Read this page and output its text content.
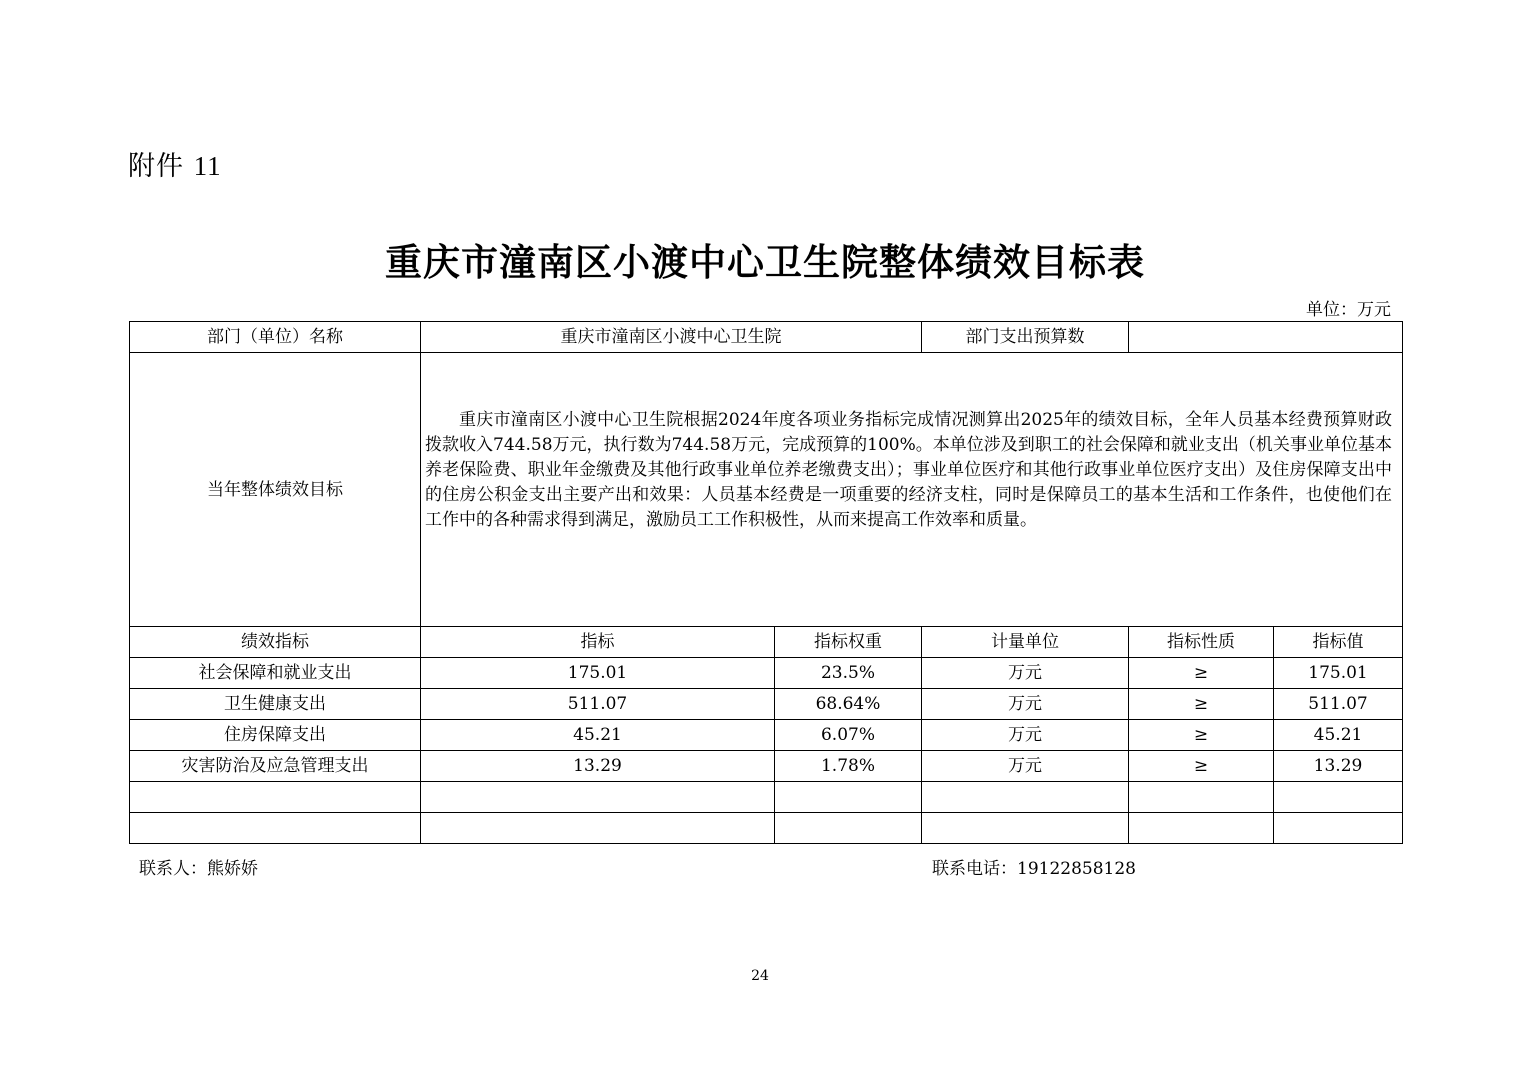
附件 11
重庆市潼南区小渡中心卫生院整体绩效目标表
单位：万元
部门（单位）名称	重庆市潼南区小渡中心卫生院		部门支出预算数		
当年整体绩效目标	重庆市潼南区小渡中心卫生院根据2024年度各项业务指标完成情况测算出2025年的绩效目标，全年人员基本经费预算财政拨款收入744.58万元，执行数为744.58万元，完成预算的100%。本单位涉及到职工的社会保障和就业支出（机关事业单位基本养老保险费、职业年金缴费及其他行政事业单位养老缴费支出）；事业单位医疗和其他行政事业单位医疗支出）及住房保障支出中的住房公积金支出主要产出和效果：人员基本经费是一项重要的经济支柱，同时是保障员工的基本生活和工作条件，也使他们在工作中的各种需求得到满足，激励员工工作积极性，从而来提高工作效率和质量。				

绩效指标	指标	指标权重	计量单位	指标性质	指标值
社会保障和就业支出	175.01	23.5%	万元	≥	175.01
卫生健康支出	511.07	68.64%	万元	≥	511.07
住房保障支出	45.21	6.07%	万元	≥	45.21
灾害防治及应急管理支出	13.29	1.78%	万元	≥	13.29

联系人：熊娇娇	联系电话：19122858128
24
